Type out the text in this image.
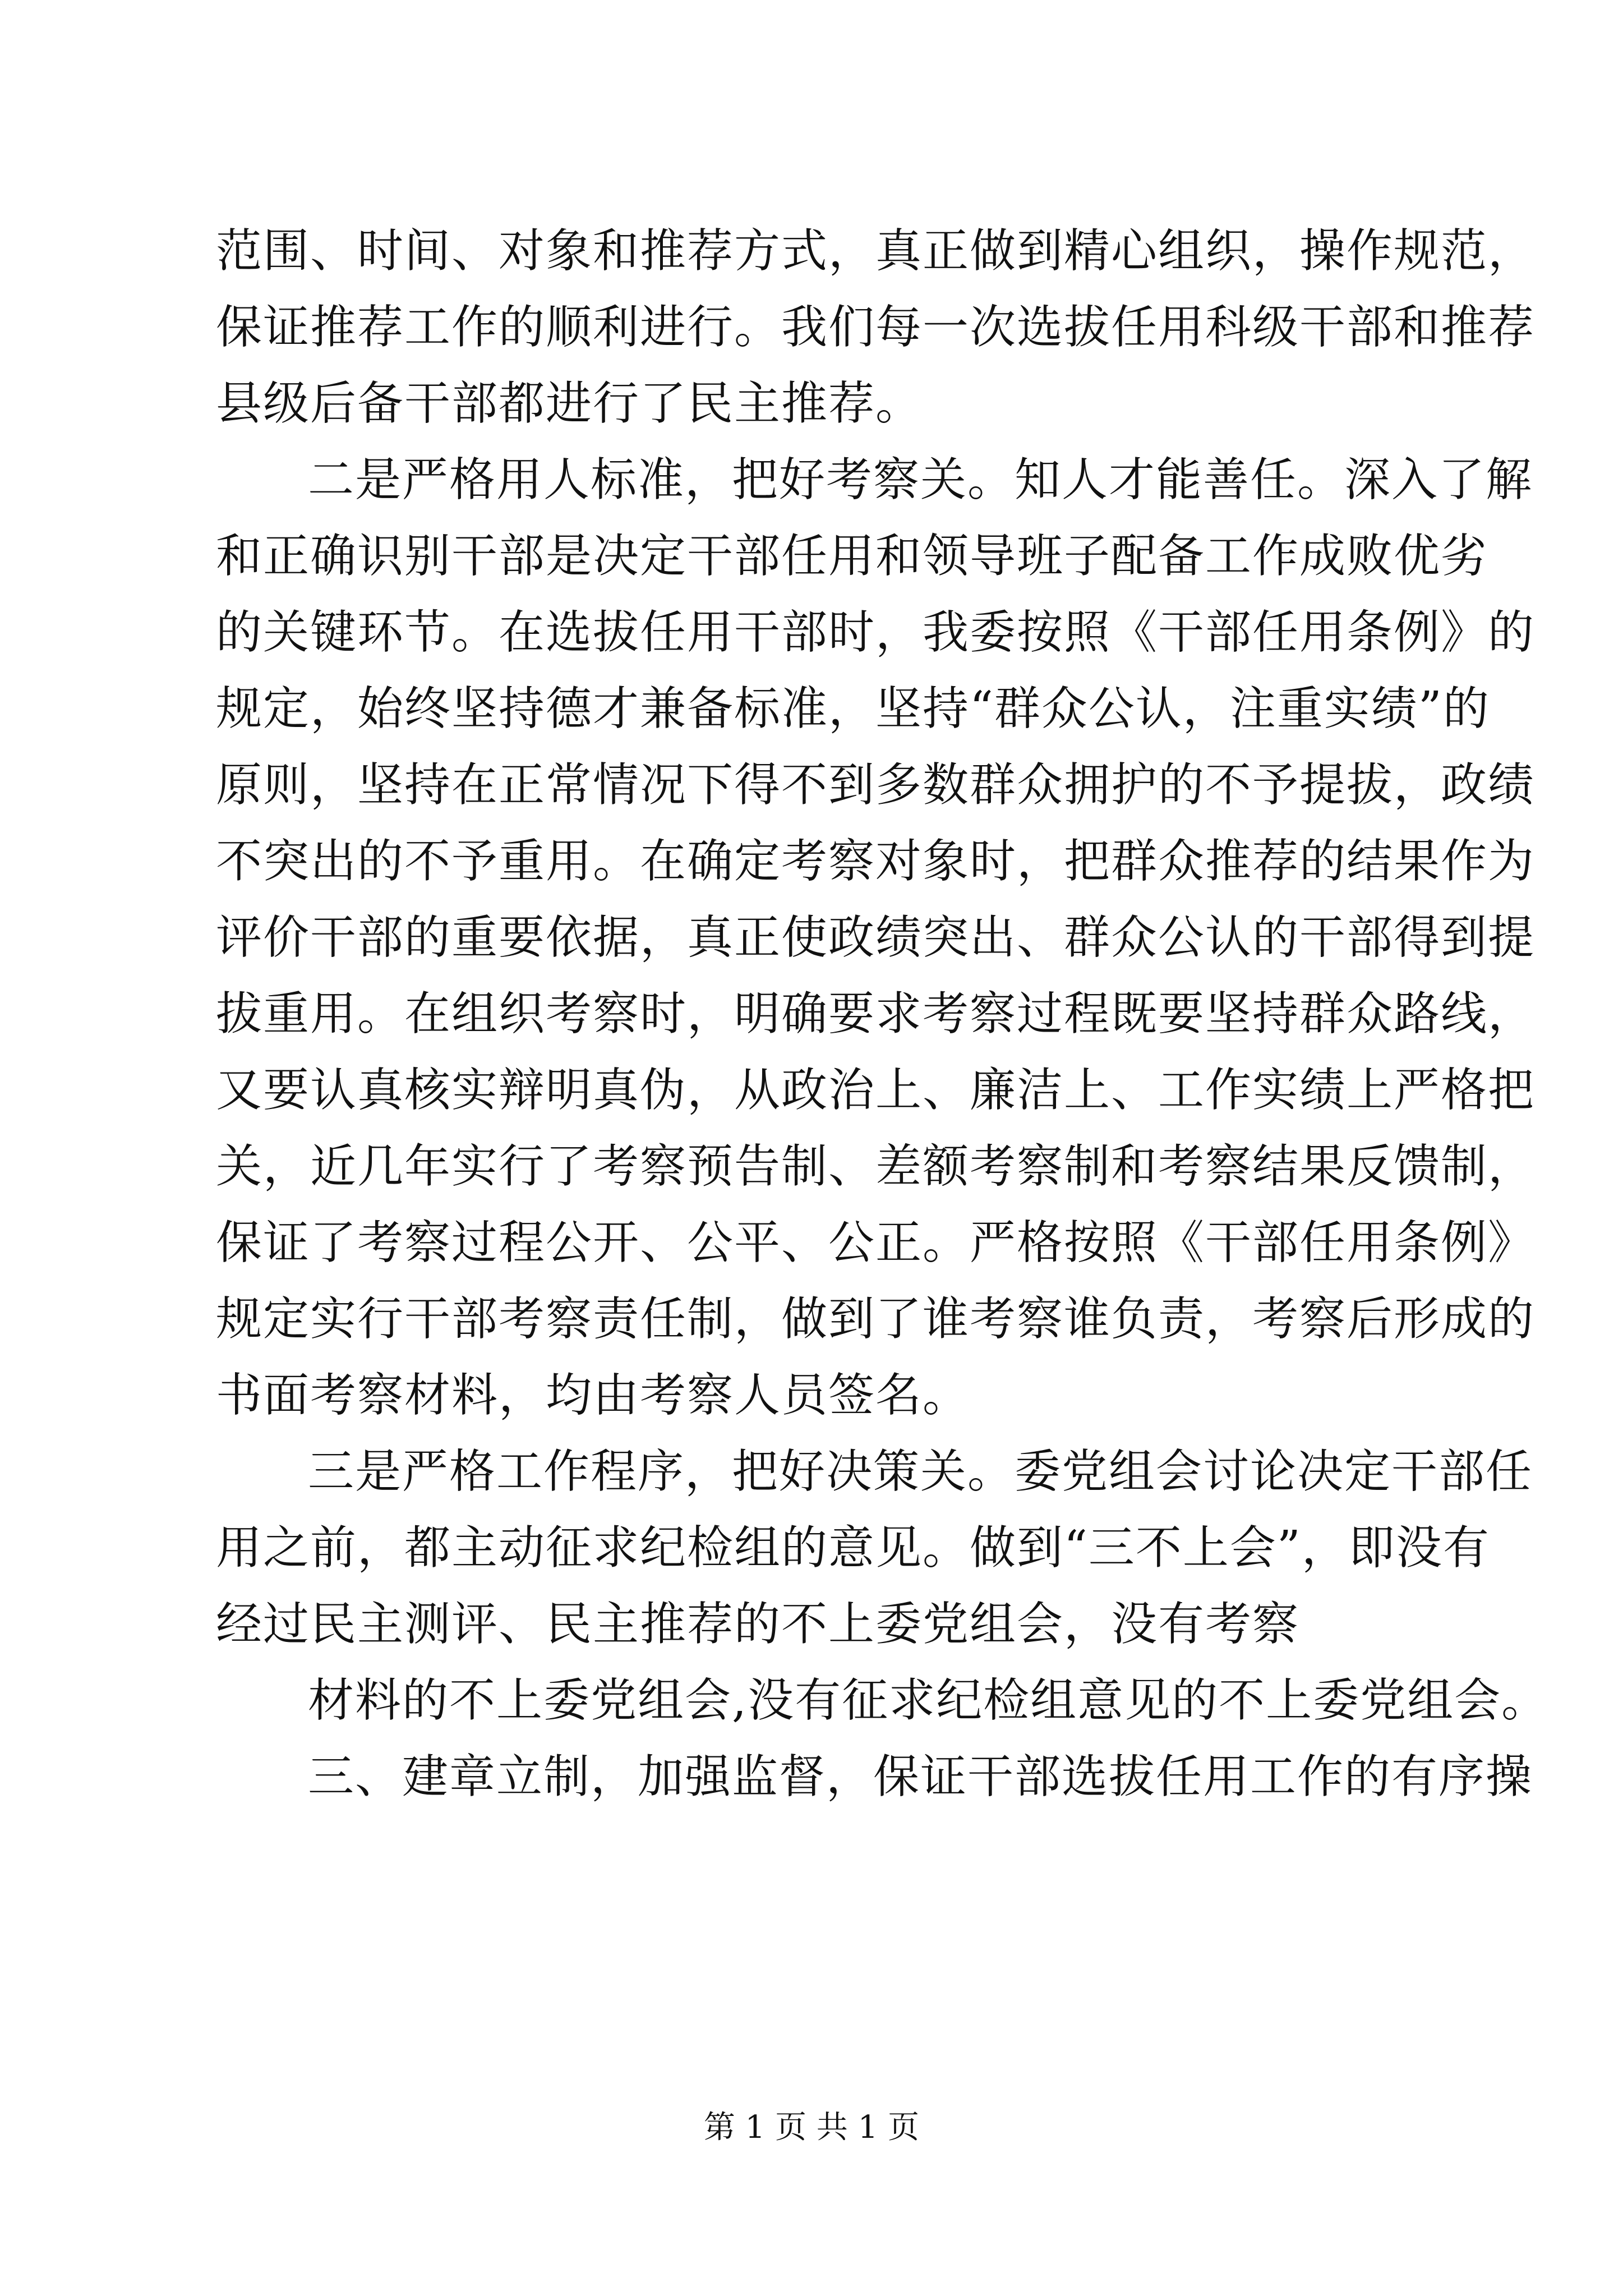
范围、时间、对象和推荐方式，真正做到精心组织，操作规范，
保证推荐工作的顺利进行。我们每一次选拔任用科级干部和推荐
县级后备干部都进行了民主推荐。
二是严格用人标准，把好考察关。知人才能善任。深入了解
和正确识别干部是决定干部任用和领导班子配备工作成败优劣
的关键环节。在选拔任用干部时，我委按照《干部任用条例》的
规定，始终坚持德才兼备标准，坚持“群众公认，注重实绩”的
原则，坚持在正常情况下得不到多数群众拥护的不予提拔，政绩
不突出的不予重用。在确定考察对象时，把群众推荐的结果作为
评价干部的重要依据，真正使政绩突出、群众公认的干部得到提
拔重用。在组织考察时，明确要求考察过程既要坚持群众路线，
又要认真核实辩明真伪，从政治上、廉洁上、工作实绩上严格把
关，近几年实行了考察预告制、差额考察制和考察结果反馈制，
保证了考察过程公开、公平、公正。严格按照《干部任用条例》
规定实行干部考察责任制，做到了谁考察谁负责，考察后形成的
书面考察材料，均由考察人员签名。
三是严格工作程序，把好决策关。委党组会讨论决定干部任
用之前，都主动征求纪检组的意见。做到“三不上会”，即没有
经过民主测评、民主推荐的不上委党组会，没有考察
材料的不上委党组会,没有征求纪检组意见的不上委党组会。
三、建章立制，加强监督，保证干部选拔任用工作的有序操
第 1 页 共 1 页
